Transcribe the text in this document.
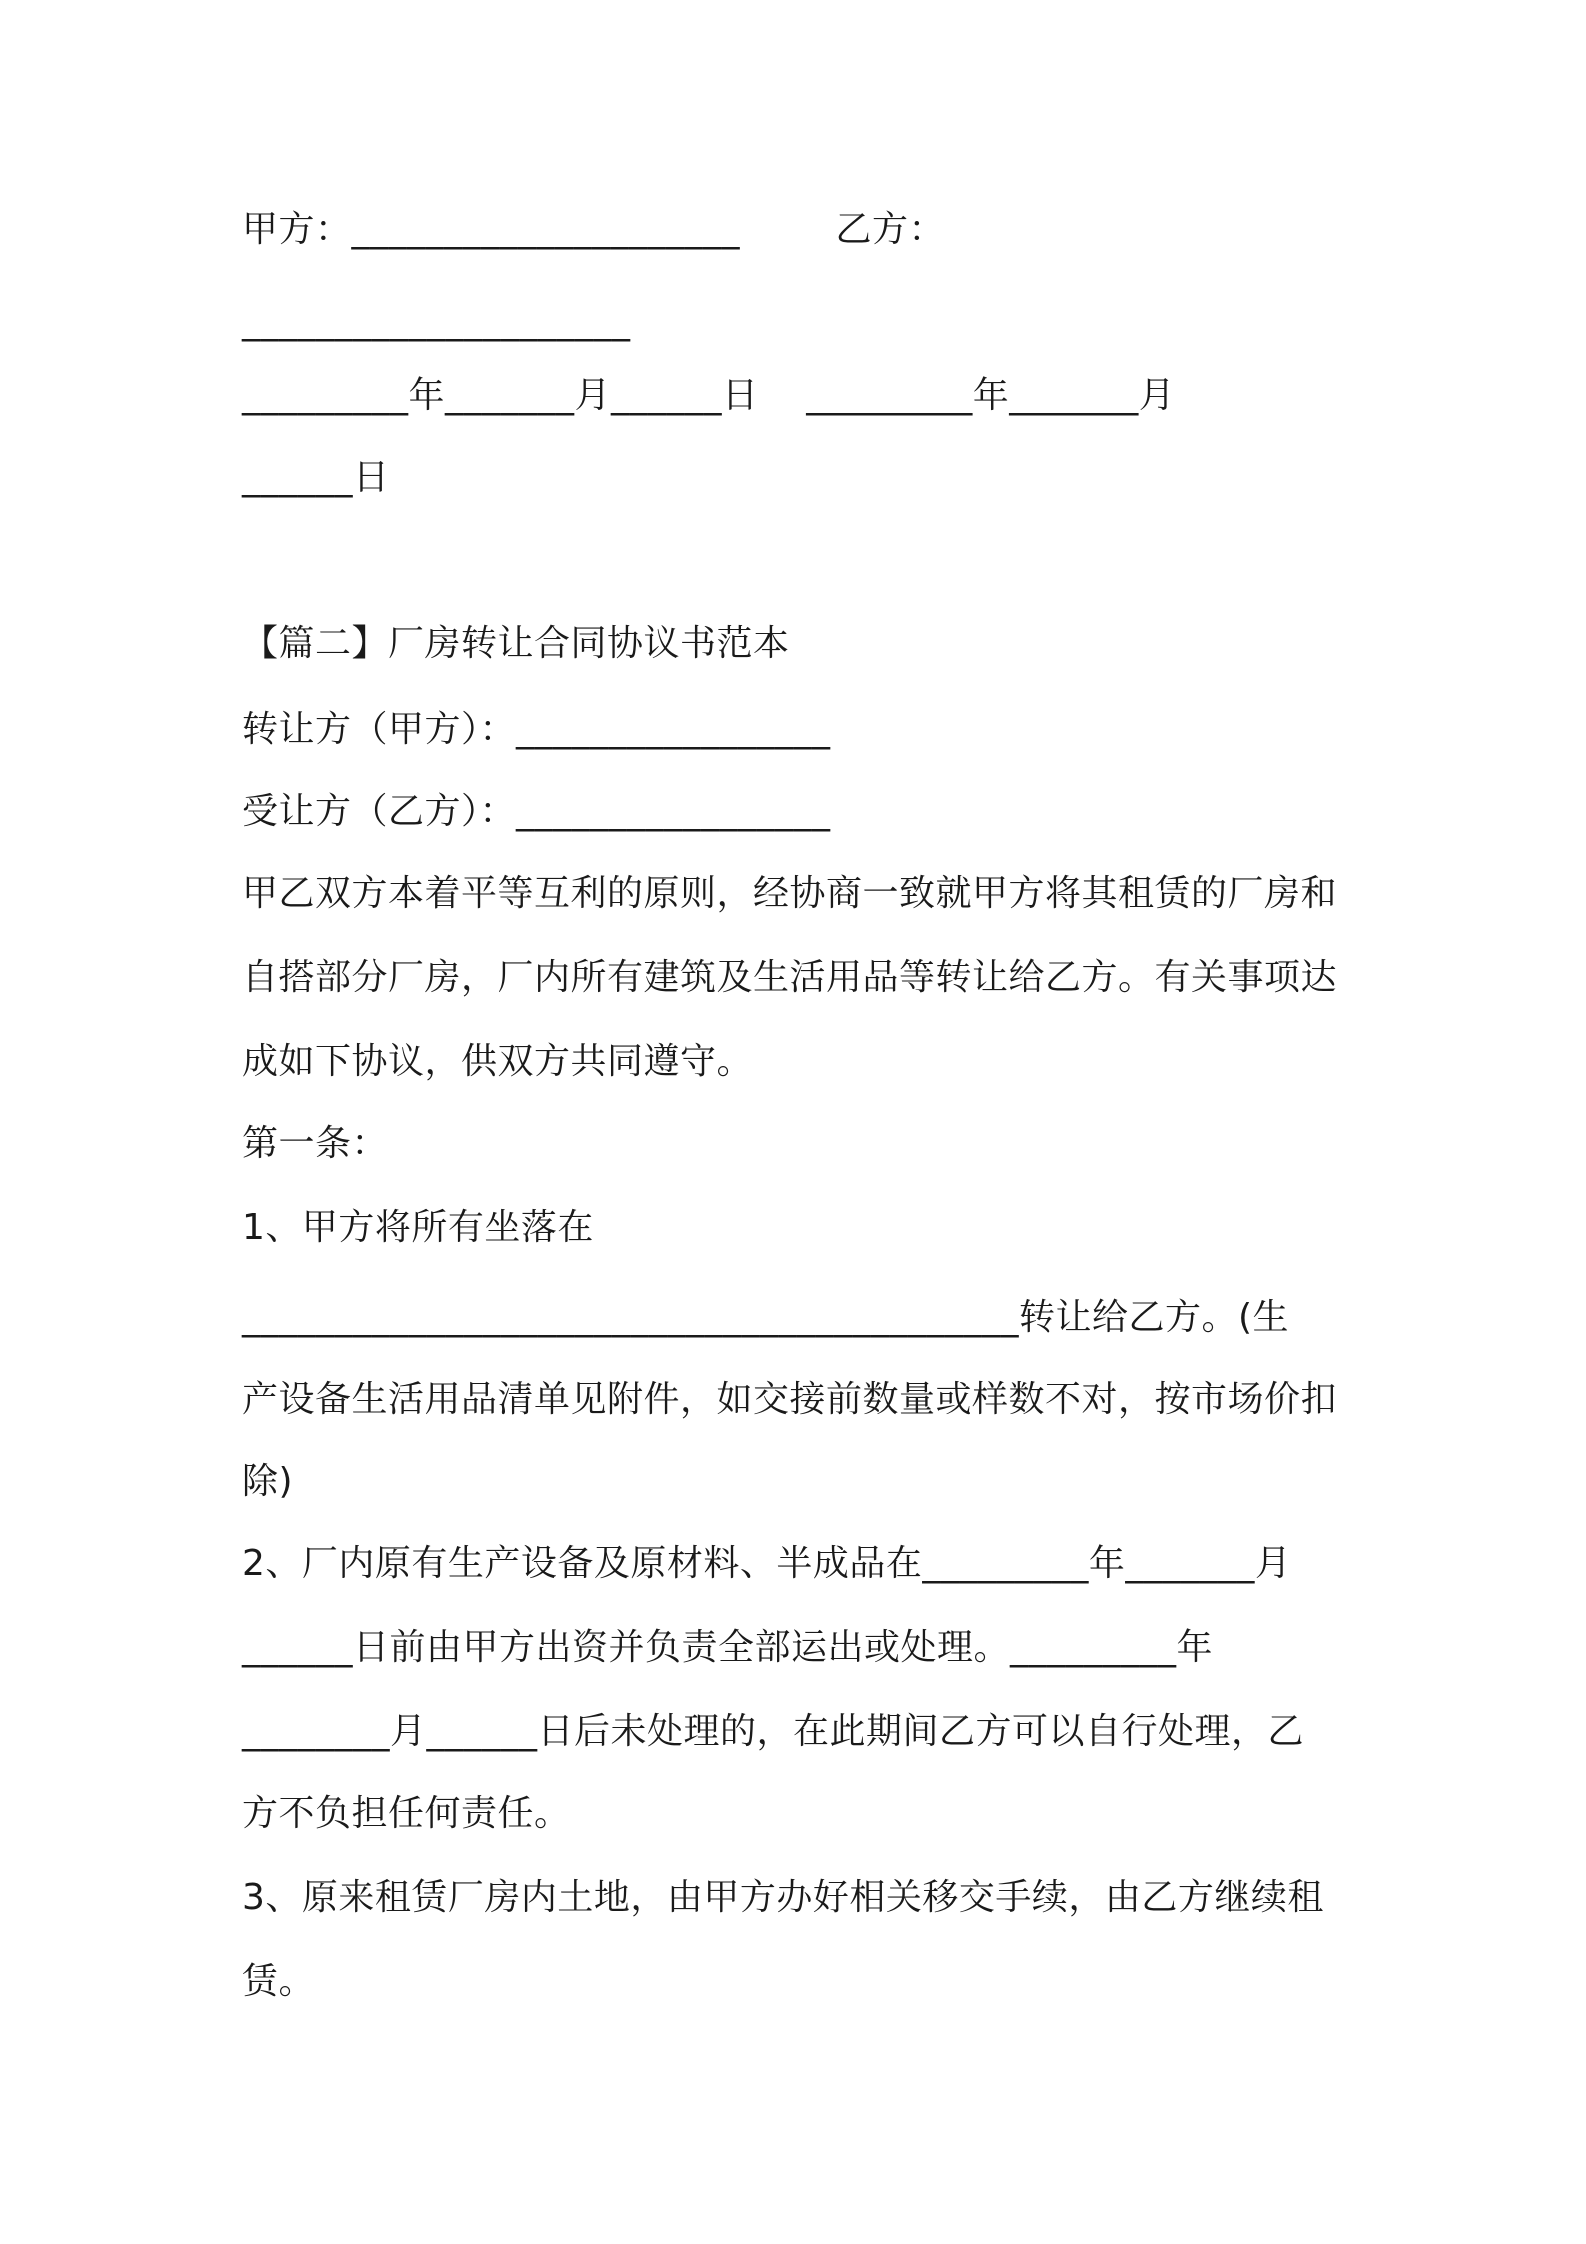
甲方：_____________________        乙方：
_____________________
_________年_______月______日    _________年_______月
______日
【篇二】厂房转让合同协议书范本
转让方（甲方）：_________________
受让方（乙方）：_________________
甲乙双方本着平等互利的原则，经协商一致就甲方将其租赁的厂房和
自搭部分厂房，厂内所有建筑及生活用品等转让给乙方。有关事项达
成如下协议，供双方共同遵守。
第一条：
1、甲方将所有坐落在
__________________________________________转让给乙方。(生
产设备生活用品清单见附件，如交接前数量或样数不对，按市场价扣
除)
2、厂内原有生产设备及原材料、半成品在_________年_______月
______日前由甲方出资并负责全部运出或处理。_________年
________月______日后未处理的，在此期间乙方可以自行处理，乙
方不负担任何责任。
3、原来租赁厂房内土地，由甲方办好相关移交手续，由乙方继续租
赁。
